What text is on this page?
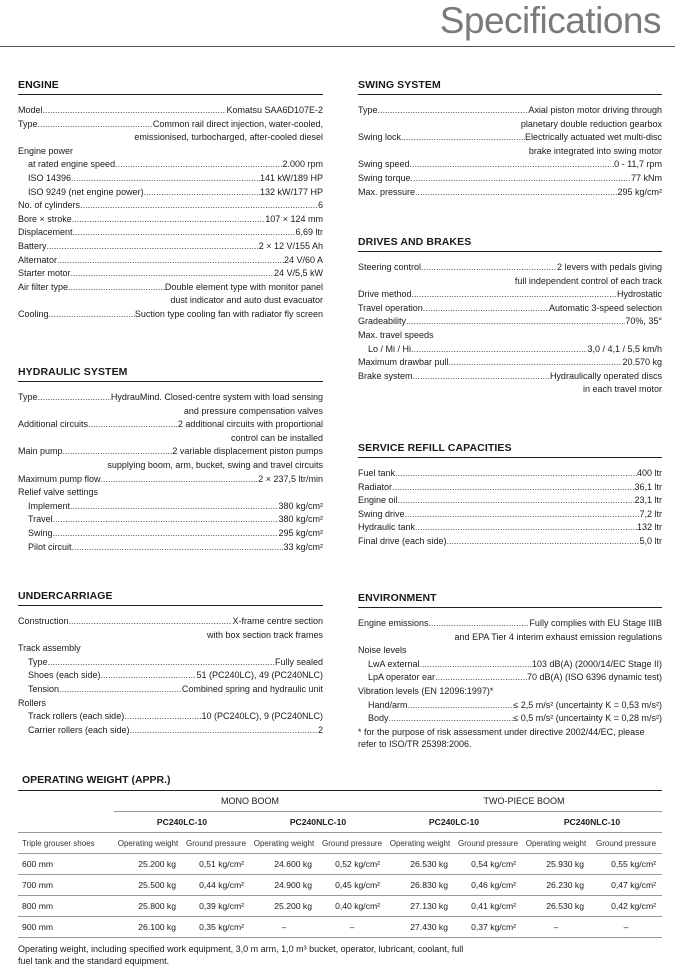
Specifications
ENGINE
Model .....	Komatsu SAA6D107E-2
Type .....	Common rail direct injection, water-cooled,
emissionised, turbocharged, after-cooled diesel
Engine power
at rated engine speed .....	2.000 rpm
ISO 14396 .....	141 kW/189 HP
ISO 9249 (net engine power) .....	132 kW/177 HP
No. of cylinders .....	6
Bore × stroke .....	107 × 124 mm
Displacement .....	6,69 ltr
Battery .....	2 × 12 V/155 Ah
Alternator .....	24 V/60 A
Starter motor .....	24 V/5,5 kW
Air filter type .....	Double element type with monitor panel
dust indicator and auto dust evacuator
Cooling .....	Suction type cooling fan with radiator fly screen
HYDRAULIC SYSTEM
Type .....	HydrauMind. Closed-centre system with load sensing
and pressure compensation valves
Additional circuits .....	2 additional circuits with proportional
control can be installed
Main pump .....	2 variable displacement piston pumps
supplying boom, arm, bucket, swing and travel circuits
Maximum pump flow .....	2 × 237,5 ltr/min
Relief valve settings
Implement .....	380 kg/cm²
Travel .....	380 kg/cm²
Swing .....	295 kg/cm²
Pilot circuit .....	33 kg/cm²
UNDERCARRIAGE
Construction .....	X-frame centre section
with box section track frames
Track assembly
Type .....	Fully sealed
Shoes (each side) .....	51 (PC240LC), 49 (PC240NLC)
Tension .....	Combined spring and hydraulic unit
Rollers
Track rollers (each side) .....	10 (PC240LC), 9 (PC240NLC)
Carrier rollers (each side) .....	2
SWING SYSTEM
Type .....	Axial piston motor driving through
planetary double reduction gearbox
Swing lock .....	Electrically actuated wet multi-disc
brake integrated into swing motor
Swing speed .....	0 - 11,7 rpm
Swing torque .....	77 kNm
Max. pressure .....	295 kg/cm²
DRIVES AND BRAKES
Steering control .....	2 levers with pedals giving
full independent control of each track
Drive method .....	Hydrostatic
Travel operation .....	Automatic 3-speed selection
Gradeability .....	70%, 35°
Max. travel speeds
Lo / Mi / Hi .....	3,0 / 4,1 / 5,5 km/h
Maximum drawbar pull .....	20.570 kg
Brake system .....	Hydraulically operated discs
in each travel motor
SERVICE REFILL CAPACITIES
Fuel tank .....	400 ltr
Radiator .....	36,1 ltr
Engine oil .....	23,1 ltr
Swing drive .....	7,2 ltr
Hydraulic tank .....	132 ltr
Final drive (each side) .....	5,0 ltr
ENVIRONMENT
Engine emissions .....	Fully complies with EU Stage IIIB
and EPA Tier 4 interim exhaust emission regulations
Noise levels
LwA external .....	103 dB(A) (2000/14/EC Stage II)
LpA operator ear .....	70 dB(A) (ISO 6396 dynamic test)
Vibration levels (EN 12096:1997)*
Hand/arm .....	≤ 2,5 m/s² (uncertainty K = 0,53 m/s²)
Body .....	≤ 0,5 m/s² (uncertainty K = 0,28 m/s²)
* for the purpose of risk assessment under directive 2002/44/EC, please refer to ISO/TR 25398:2006.
OPERATING WEIGHT (APPR.)
	MONO BOOM				TWO-PIECE BOOM			
	PC240LC-10		PC240NLC-10		PC240LC-10		PC240NLC-10	
Triple grouser shoes	Operating weight	Ground pressure	Operating weight	Ground pressure	Operating weight	Ground pressure	Operating weight	Ground pressure
600 mm	25.200 kg	0,51 kg/cm²	24.600 kg	0,52 kg/cm²	26.530 kg	0,54 kg/cm²	25.930 kg	0,55 kg/cm²
700 mm	25.500 kg	0,44 kg/cm²	24.900 kg	0,45 kg/cm²	26.830 kg	0,46 kg/cm²	26.230 kg	0,47 kg/cm²
800 mm	25.800 kg	0,39 kg/cm²	25.200 kg	0,40 kg/cm²	27.130 kg	0,41 kg/cm²	26.530 kg	0,42 kg/cm²
900 mm	26.100 kg	0,35 kg/cm²	–	–	27.430 kg	0,37 kg/cm²	–	–
Operating weight, including specified work equipment, 3,0 m arm, 1,0 m³ bucket, operator, lubricant, coolant, full fuel tank and the standard equipment.
